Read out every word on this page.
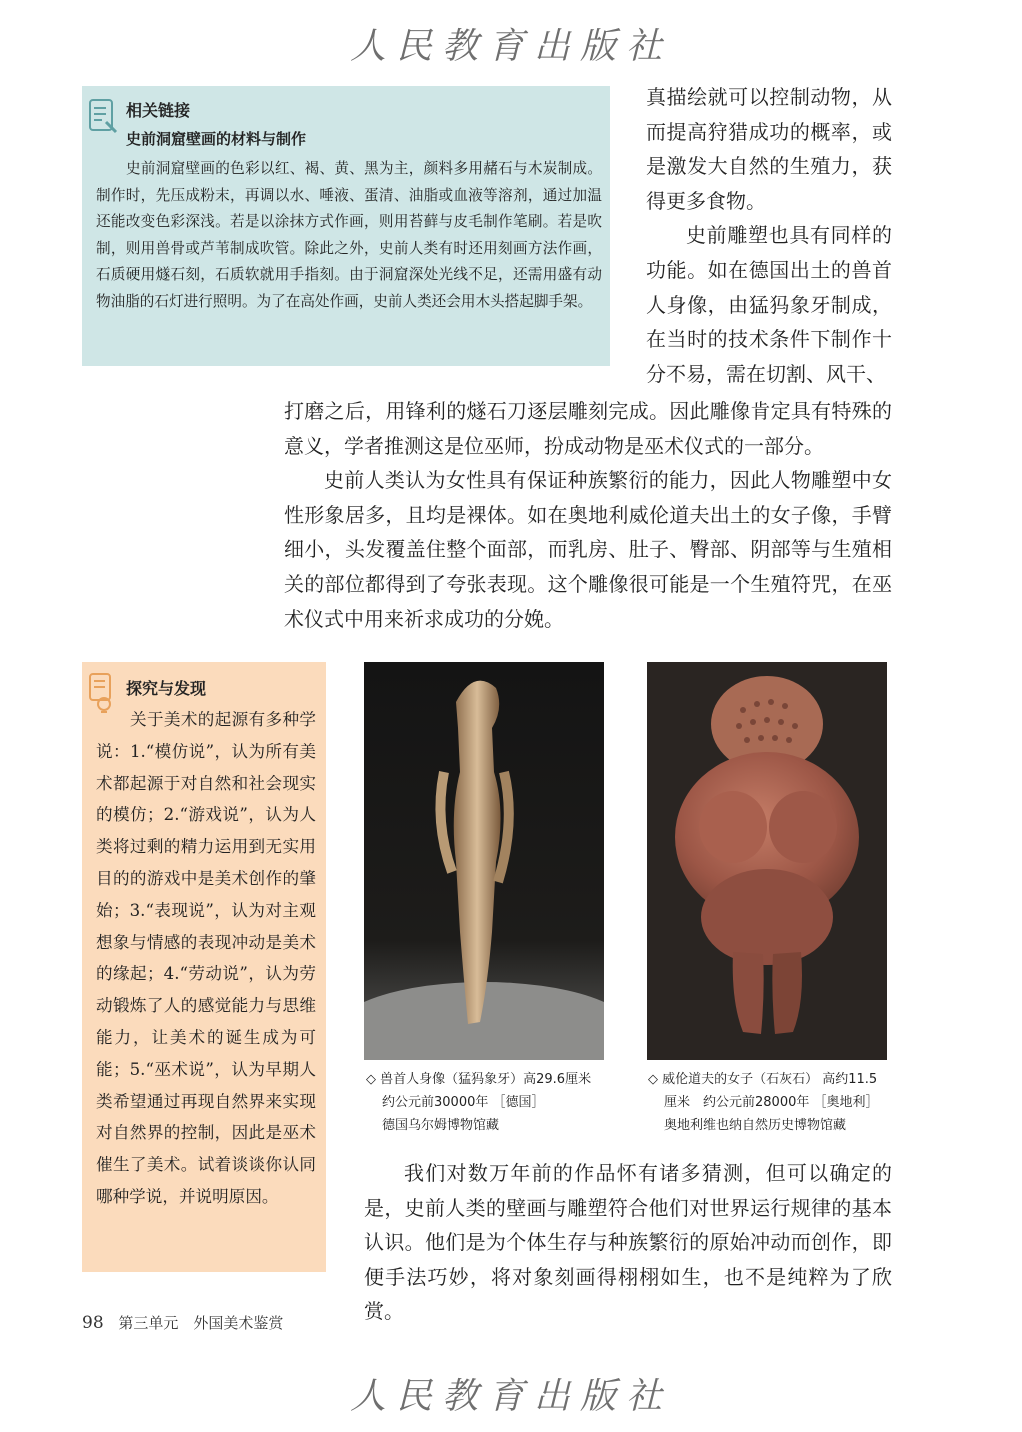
人民教育出版社
相关链接
史前洞窟壁画的材料与制作

史前洞窟壁画的色彩以红、褐、黄、黑为主，颜料多用赭石与木炭制成。制作时，先压成粉末，再调以水、唾液、蛋清、油脂或血液等溶剂，通过加温还能改变色彩深浅。若是以涂抹方式作画，则用苔藓与皮毛制作笔刷。若是吹制，则用兽骨或芦苇制成吹管。除此之外，史前人类有时还用刻画方法作画，石质硬用燧石刻，石质软就用手指刻。由于洞窟深处光线不足，还需用盛有动物油脂的石灯进行照明。为了在高处作画，史前人类还会用木头搭起脚手架。

真描绘就可以控制动物，从而提高狩猎成功的概率，或是激发大自然的生殖力，获得更多食物。

史前雕塑也具有同样的功能。如在德国出土的兽首人身像，由猛犸象牙制成，在当时的技术条件下制作十分不易，需在切割、风干、

打磨之后，用锋利的燧石刀逐层雕刻完成。因此雕像肯定具有特殊的意义，学者推测这是位巫师，扮成动物是巫术仪式的一部分。

史前人类认为女性具有保证种族繁衍的能力，因此人物雕塑中女性形象居多，且均是裸体。如在奥地利威伦道夫出土的女子像，手臂细小，头发覆盖住整个面部，而乳房、肚子、臀部、阴部等与生殖相关的部位都得到了夸张表现。这个雕像很可能是一个生殖符咒，在巫术仪式中用来祈求成功的分娩。

探究与发现

关于美术的起源有多种学说：1.“模仿说”，认为所有美术都起源于对自然和社会现实的模仿；2.“游戏说”，认为人类将过剩的精力运用到无实用目的的游戏中是美术创作的肇始；3.“表现说”，认为对主观想象与情感的表现冲动是美术的缘起；4.“劳动说”，认为劳动锻炼了人的感觉能力与思维能力，让美术的诞生成为可能；5.“巫术说”，认为早期人类希望通过再现自然界来实现对自然界的控制，因此是巫术催生了美术。试着谈谈你认同哪种学说，并说明原因。

◇ 兽首人身像（猛犸象牙）高29.6厘米
约公元前30000年 ［德国］
德国乌尔姆博物馆藏
◇ 威伦道夫的女子（石灰石） 高约11.5
厘米　约公元前28000年 ［奥地利］
奥地利维也纳自然历史博物馆藏

我们对数万年前的作品怀有诸多猜测，但可以确定的是，史前人类的壁画与雕塑符合他们对世界运行规律的基本认识。他们是为个体生存与种族繁衍的原始冲动而创作，即便手法巧妙，将对象刻画得栩栩如生，也不是纯粹为了欣赏。

98 第三单元　外国美术鉴赏
人民教育出版社
